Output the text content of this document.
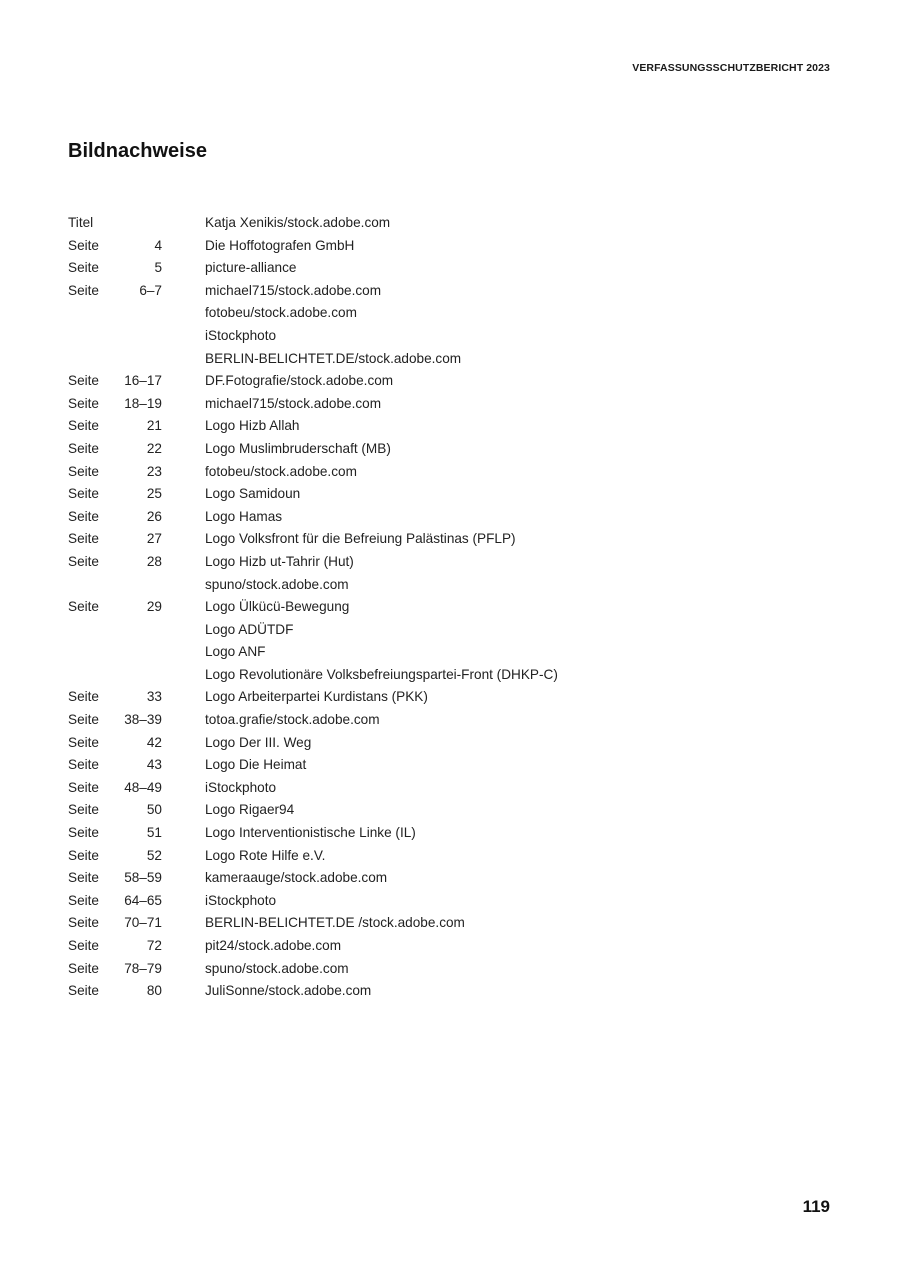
VERFASSUNGSSCHUTZBERICHT 2023
Bildnachweise
Titel	Katja Xenikis/stock.adobe.com
Seite	4	Die Hoffotografen GmbH
Seite	5	picture-alliance
Seite	6–7	michael715/stock.adobe.com
fotobeu/stock.adobe.com
iStockphoto
BERLIN-BELICHTET.DE/stock.adobe.com
Seite	16–17	DF.Fotografie/stock.adobe.com
Seite	18–19	michael715/stock.adobe.com
Seite	21	Logo Hizb Allah
Seite	22	Logo Muslimbruderschaft (MB)
Seite	23	fotobeu/stock.adobe.com
Seite	25	Logo Samidoun
Seite	26	Logo Hamas
Seite	27	Logo Volksfront für die Befreiung Palästinas (PFLP)
Seite	28	Logo Hizb ut-Tahrir (Hut)
spuno/stock.adobe.com
Seite	29	Logo Ülkücü-Bewegung
Logo ADÜTDF
Logo ANF
Logo Revolutionäre Volksbefreiungspartei-Front (DHKP-C)
Seite	33	Logo Arbeiterpartei Kurdistans (PKK)
Seite	38–39	totoa.grafie/stock.adobe.com
Seite	42	Logo Der III. Weg
Seite	43	Logo Die Heimat
Seite	48–49	iStockphoto
Seite	50	Logo Rigaer94
Seite	51	Logo Interventionistische Linke (IL)
Seite	52	Logo Rote Hilfe e.V.
Seite	58–59	kameraauge/stock.adobe.com
Seite	64–65	iStockphoto
Seite	70–71	BERLIN-BELICHTET.DE /stock.adobe.com
Seite	72	pit24/stock.adobe.com
Seite	78–79	spuno/stock.adobe.com
Seite	80	JuliSonne/stock.adobe.com
119
